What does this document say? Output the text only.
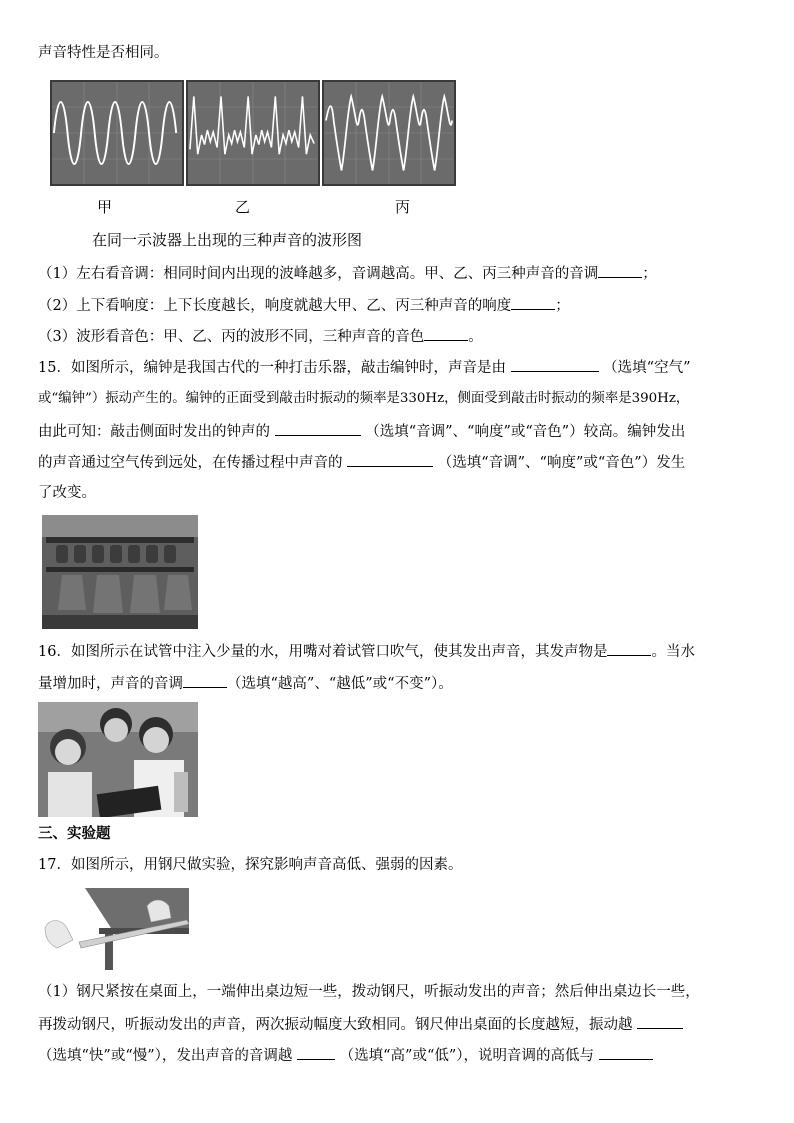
声音特性是否相同。
甲	乙	丙
在同一示波器上出现的三种声音的波形图
（1）左右看音调：相同时间内出现的波峰越多，音调越高。甲、乙、丙三种声音的音调	；
（2）上下看响度：上下长度越长，响度就越大甲、乙、丙三种声音的响度	；
（3）波形看音色：甲、乙、丙的波形不同，三种声音的音色	。
15．如图所示，编钟是我国古代的一种打击乐器，敲击编钟时，声音是由	（选填“空气”
或“编钟”）振动产生的。编钟的正面受到敲击时振动的频率是330Hz，侧面受到敲击时振动的频率是390Hz，
由此可知：敲击侧面时发出的钟声的	（选填“音调”、“响度”或“音色”）较高。编钟发出
的声音通过空气传到远处，在传播过程中声音的	（选填“音调”、“响度”或“音色”）发生
了改变。
16．如图所示在试管中注入少量的水，用嘴对着试管口吹气，使其发出声音，其发声物是	。当水
量增加时，声音的音调	（选填“越高”、“越低”或“不变”）。
三、实验题
17．如图所示，用钢尺做实验，探究影响声音高低、强弱的因素。
（1）钢尺紧按在桌面上，一端伸出桌边短一些，拨动钢尺，听振动发出的声音；然后伸出桌边长一些，
再拨动钢尺，听振动发出的声音，两次振动幅度大致相同。钢尺伸出桌面的长度越短，振动越
（选填“快”或“慢”），发出声音的音调越	（选填“高”或“低”），说明音调的高低与
